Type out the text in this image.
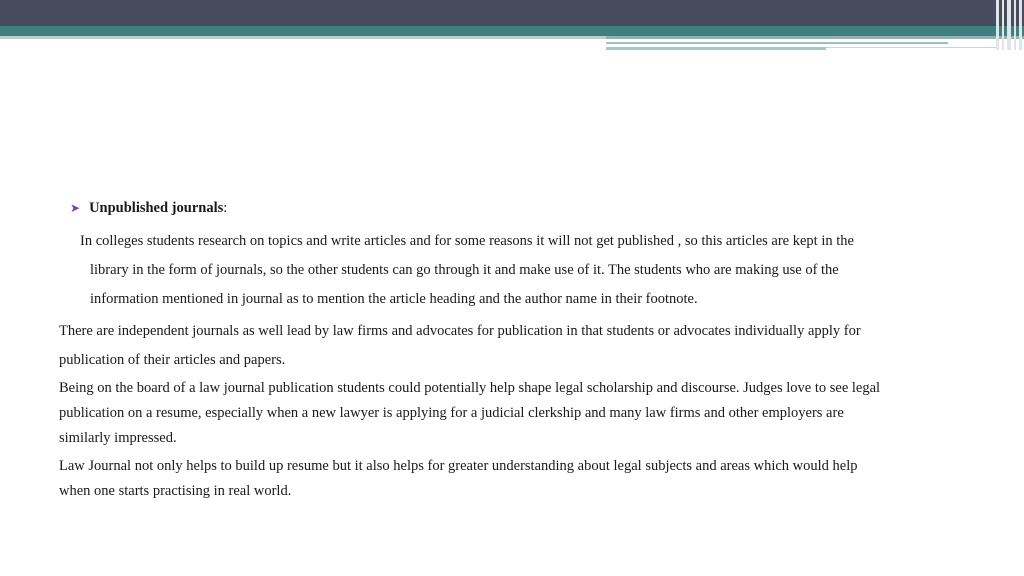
➤ Unpublished journals:

In colleges students research on topics and write articles and for some reasons it will not get published , so this articles are kept in the
library in the form of journals, so the other students can go through it and make use of it. The students who are making use of the
information mentioned in journal as to mention the article heading and the author name in their footnote.

There are independent journals as well lead by law firms and advocates for publication in that students or advocates individually apply for
publication of their articles and papers.

Being on the board of a law journal publication students could potentially help shape legal scholarship and discourse. Judges love to see legal
publication on a resume, especially when a new lawyer is applying for a judicial clerkship and many law firms and other employers are
similarly impressed.

Law Journal not only helps to build up resume but it also helps for greater understanding about legal subjects and areas which would help
when one starts practising in real world.
